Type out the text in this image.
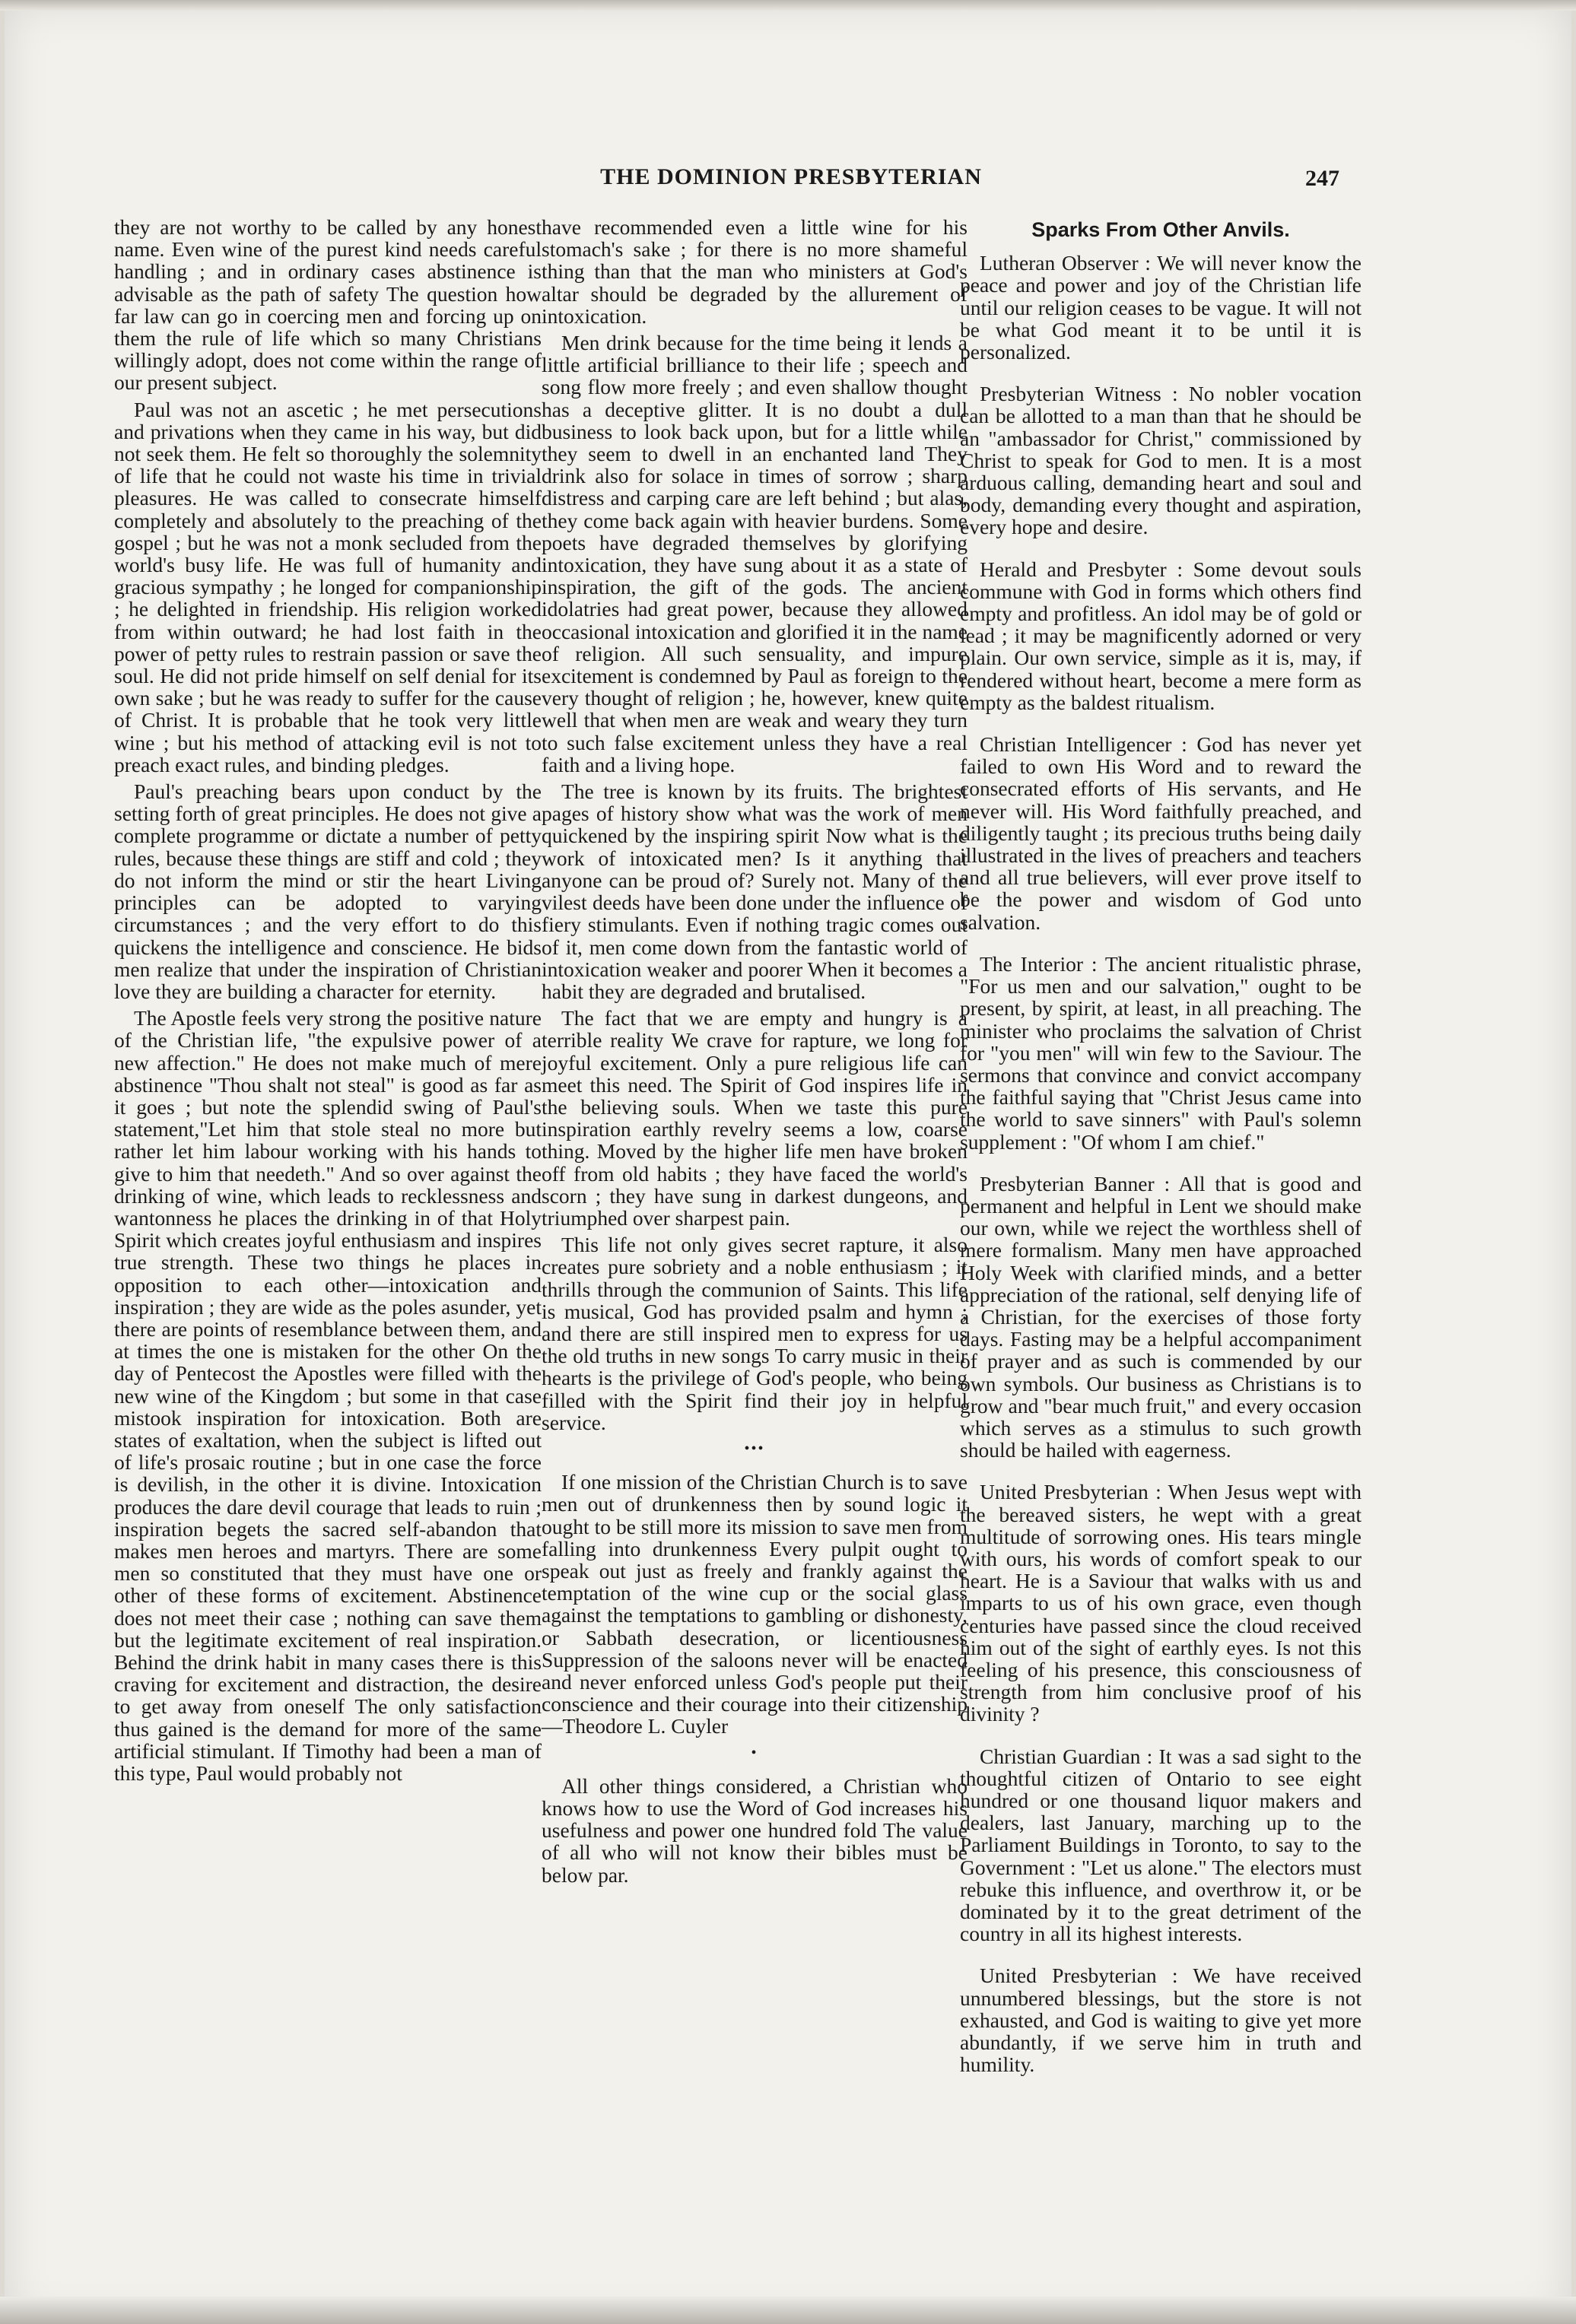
THE DOMINION PRESBYTERIAN	247

they are not worthy to be called by any honest name. Even wine of the purest kind needs careful handling ; and in ordinary cases abstinence is advisable as the path of safety The question how far law can go in coercing men and forcing up on them the rule of life which so many Christians willingly adopt, does not come within the range of our present subject.

Paul was not an ascetic ; he met persecutions and privations when they came in his way, but did not seek them. He felt so thoroughly the solemnity of life that he could not waste his time in trivial pleasures. He was called to consecrate himself completely and absolutely to the preaching of the gospel ; but he was not a monk secluded from the world's busy life. He was full of humanity and gracious sympathy ; he longed for companionship ; he delighted in friendship. His religion worked from within outward; he had lost faith in the power of petty rules to restrain passion or save the soul. He did not pride himself on self denial for its own sake ; but he was ready to suffer for the cause of Christ. It is probable that he took very little wine ; but his method of attacking evil is not to preach exact rules, and binding pledges.

Paul's preaching bears upon conduct by the setting forth of great principles. He does not give a complete programme or dictate a number of petty rules, because these things are stiff and cold ; they do not inform the mind or stir the heart Living principles can be adopted to varying circumstances ; and the very effort to do this quickens the intelligence and conscience. He bids men realize that under the inspiration of Christian love they are building a character for eternity.

The Apostle feels very strong the positive nature of the Christian life, "the expulsive power of a new affection." He does not make much of mere abstinence "Thou shalt not steal" is good as far as it goes ; but note the splendid swing of Paul's statement,"Let him that stole steal no more but rather let him labour working with his hands to give to him that needeth." And so over against the drinking of wine, which leads to recklessness and wantonness he places the drinking in of that Holy Spirit which creates joyful enthusiasm and inspires true strength. These two things he places in opposition to each other—intoxication and inspiration ; they are wide as the poles asunder, yet there are points of resemblance between them, and at times the one is mistaken for the other On the day of Pentecost the Apostles were filled with the new wine of the Kingdom ; but some in that case mistook inspiration for intoxication. Both are states of exaltation, when the subject is lifted out of life's prosaic routine ; but in one case the force is devilish, in the other it is divine. Intoxication produces the dare devil courage that leads to ruin ; inspiration begets the sacred self-abandon that makes men heroes and martyrs. There are some men so constituted that they must have one or other of these forms of excitement. Abstinence does not meet their case ; nothing can save them but the legitimate excitement of real inspiration. Behind the drink habit in many cases there is this craving for excitement and distraction, the desire to get away from oneself The only satisfaction thus gained is the demand for more of the same artificial stimulant. If Timothy had been a man of this type, Paul would probably not

have recommended even a little wine for his stomach's sake ; for there is no more shameful thing than that the man who ministers at God's altar should be degraded by the allurement of intoxication.

Men drink because for the time being it lends a little artificial brilliance to their life ; speech and song flow more freely ; and even shallow thought has a deceptive glitter. It is no doubt a dull business to look back upon, but for a little while they seem to dwell in an enchanted land They drink also for solace in times of sorrow ; sharp distress and carping care are left behind ; but alas, they come back again with heavier burdens. Some poets have degraded themselves by glorifying intoxication, they have sung about it as a state of inspiration, the gift of the gods. The ancient idolatries had great power, because they allowed occasional intoxication and glorified it in the name of religion. All such sensuality, and impure excitement is condemned by Paul as foreign to the very thought of religion ; he, however, knew quite well that when men are weak and weary they turn to such false excitement unless they have a real faith and a living hope.

The tree is known by its fruits. The brightest pages of history show what was the work of men quickened by the inspiring spirit Now what is the work of intoxicated men? Is it anything that anyone can be proud of? Surely not. Many of the vilest deeds have been done under the influence of fiery stimulants. Even if nothing tragic comes out of it, men come down from the fantastic world of intoxication weaker and poorer When it becomes a habit they are degraded and brutalised.

The fact that we are empty and hungry is a terrible reality We crave for rapture, we long for joyful excitement. Only a pure religious life can meet this need. The Spirit of God inspires life in the believing souls. When we taste this pure inspiration earthly revelry seems a low, coarse thing. Moved by the higher life men have broken off from old habits ; they have faced the world's scorn ; they have sung in darkest dungeons, and triumphed over sharpest pain.

This life not only gives secret rapture, it also creates pure sobriety and a noble enthusiasm ; it thrills through the communion of Saints. This life is musical, God has provided psalm and hymn ; and there are still inspired men to express for us the old truths in new songs To carry music in their hearts is the privilege of God's people, who being filled with the Spirit find their joy in helpful service.

•••

If one mission of the Christian Church is to save men out of drunkenness then by sound logic it ought to be still more its mission to save men from falling into drunkenness Every pulpit ought to speak out just as freely and frankly against the temptation of the wine cup or the social glass against the temptations to gambling or dishonesty, or Sabbath desecration, or licentiousness Suppression of the saloons never will be enacted and never enforced unless God's people put their conscience and their courage into their citizenship —Theodore L. Cuyler

•

All other things considered, a Christian who knows how to use the Word of God increases his usefulness and power one hundred fold The value of all who will not know their bibles must be below par.

Sparks From Other Anvils.

Lutheran Observer : We will never know the peace and power and joy of the Christian life until our religion ceases to be vague. It will not be what God meant it to be until it is personalized.

Presbyterian Witness : No nobler vocation can be allotted to a man than that he should be an "ambassador for Christ," commissioned by Christ to speak for God to men. It is a most arduous calling, demanding heart and soul and body, demanding every thought and aspiration, every hope and desire.

Herald and Presbyter : Some devout souls commune with God in forms which others find empty and profitless. An idol may be of gold or lead ; it may be magnificently adorned or very plain. Our own service, simple as it is, may, if rendered without heart, become a mere form as empty as the baldest ritualism.

Christian Intelligencer : God has never yet failed to own His Word and to reward the consecrated efforts of His servants, and He never will. His Word faithfully preached, and diligently taught ; its precious truths being daily illustrated in the lives of preachers and teachers and all true believers, will ever prove itself to be the power and wisdom of God unto salvation.

The Interior : The ancient ritualistic phrase, "For us men and our salvation," ought to be present, by spirit, at least, in all preaching. The minister who proclaims the salvation of Christ for "you men" will win few to the Saviour. The sermons that convince and convict accompany the faithful saying that "Christ Jesus came into the world to save sinners" with Paul's solemn supplement : "Of whom I am chief."

Presbyterian Banner : All that is good and permanent and helpful in Lent we should make our own, while we reject the worthless shell of mere formalism. Many men have approached Holy Week with clarified minds, and a better appreciation of the rational, self denying life of a Christian, for the exercises of those forty days. Fasting may be a helpful accompaniment of prayer and as such is commended by our own symbols. Our business as Christians is to grow and "bear much fruit," and every occasion which serves as a stimulus to such growth should be hailed with eagerness.

United Presbyterian : When Jesus wept with the bereaved sisters, he wept with a great multitude of sorrowing ones. His tears mingle with ours, his words of comfort speak to our heart. He is a Saviour that walks with us and imparts to us of his own grace, even though centuries have passed since the cloud received him out of the sight of earthly eyes. Is not this feeling of his presence, this consciousness of strength from him conclusive proof of his divinity ?

Christian Guardian : It was a sad sight to the thoughtful citizen of Ontario to see eight hundred or one thousand liquor makers and dealers, last January, marching up to the Parliament Buildings in Toronto, to say to the Government : "Let us alone." The electors must rebuke this influence, and overthrow it, or be dominated by it to the great detriment of the country in all its highest interests.

United Presbyterian : We have received unnumbered blessings, but the store is not exhausted, and God is waiting to give yet more abundantly, if we serve him in truth and humility.
